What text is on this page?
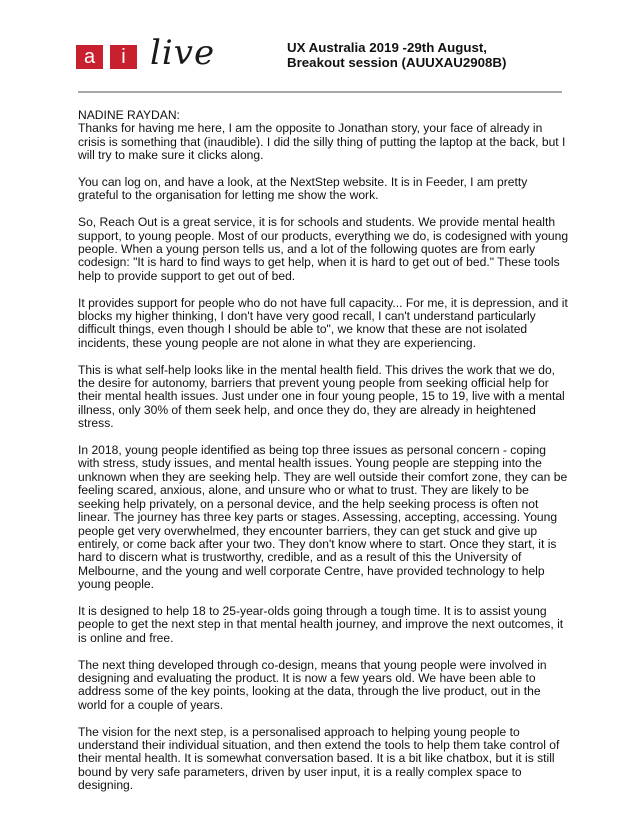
a	i live	UX Australia 2019 -29th August,
Breakout session (AUUXAU2908B)

NADINE RAYDAN:

Thanks for having me here, I am the opposite to Jonathan story, your face of already in crisis is something that (inaudible). I did the silly thing of putting the laptop at the back, but I will try to make sure it clicks along.

You can log on, and have a look, at the NextStep website. It is in Feeder, I am pretty grateful to the organisation for letting me show the work.

So, Reach Out is a great service, it is for schools and students. We provide mental health support, to young people. Most of our products, everything we do, is codesigned with young people. When a young person tells us, and a lot of the following quotes are from early codesign: "It is hard to find ways to get help, when it is hard to get out of bed." These tools help to provide support to get out of bed.

It provides support for people who do not have full capacity... For me, it is depression, and it blocks my higher thinking, I don't have very good recall, I can't understand particularly difficult things, even though I should be able to", we know that these are not isolated incidents, these young people are not alone in what they are experiencing.

This is what self-help looks like in the mental health field. This drives the work that we do, the desire for autonomy, barriers that prevent young people from seeking official help for their mental health issues. Just under one in four young people, 15 to 19, live with a mental illness, only 30% of them seek help, and once they do, they are already in heightened stress.

In 2018, young people identified as being top three issues as personal concern - coping with stress, study issues, and mental health issues. Young people are stepping into the unknown when they are seeking help. They are well outside their comfort zone, they can be feeling scared, anxious, alone, and unsure who or what to trust. They are likely to be seeking help privately, on a personal device, and the help seeking process is often not linear. The journey has three key parts or stages. Assessing, accepting, accessing. Young people get very overwhelmed, they encounter barriers, they can get stuck and give up entirely, or come back after your two. They don't know where to start. Once they start, it is hard to discern what is trustworthy, credible, and as a result of this the University of Melbourne, and the young and well corporate Centre, have provided technology to help young people.

It is designed to help 18 to 25-year-olds going through a tough time. It is to assist young people to get the next step in that mental health journey, and improve the next outcomes, it is online and free.

The next thing developed through co-design, means that young people were involved in designing and evaluating the product. It is now a few years old. We have been able to address some of the key points, looking at the data, through the live product, out in the world for a couple of years.

The vision for the next step, is a personalised approach to helping young people to understand their individual situation, and then extend the tools to help them take control of their mental health. It is somewhat conversation based. It is a bit like chatbox, but it is still bound by very safe parameters, driven by user input, it is a really complex space to designing.
